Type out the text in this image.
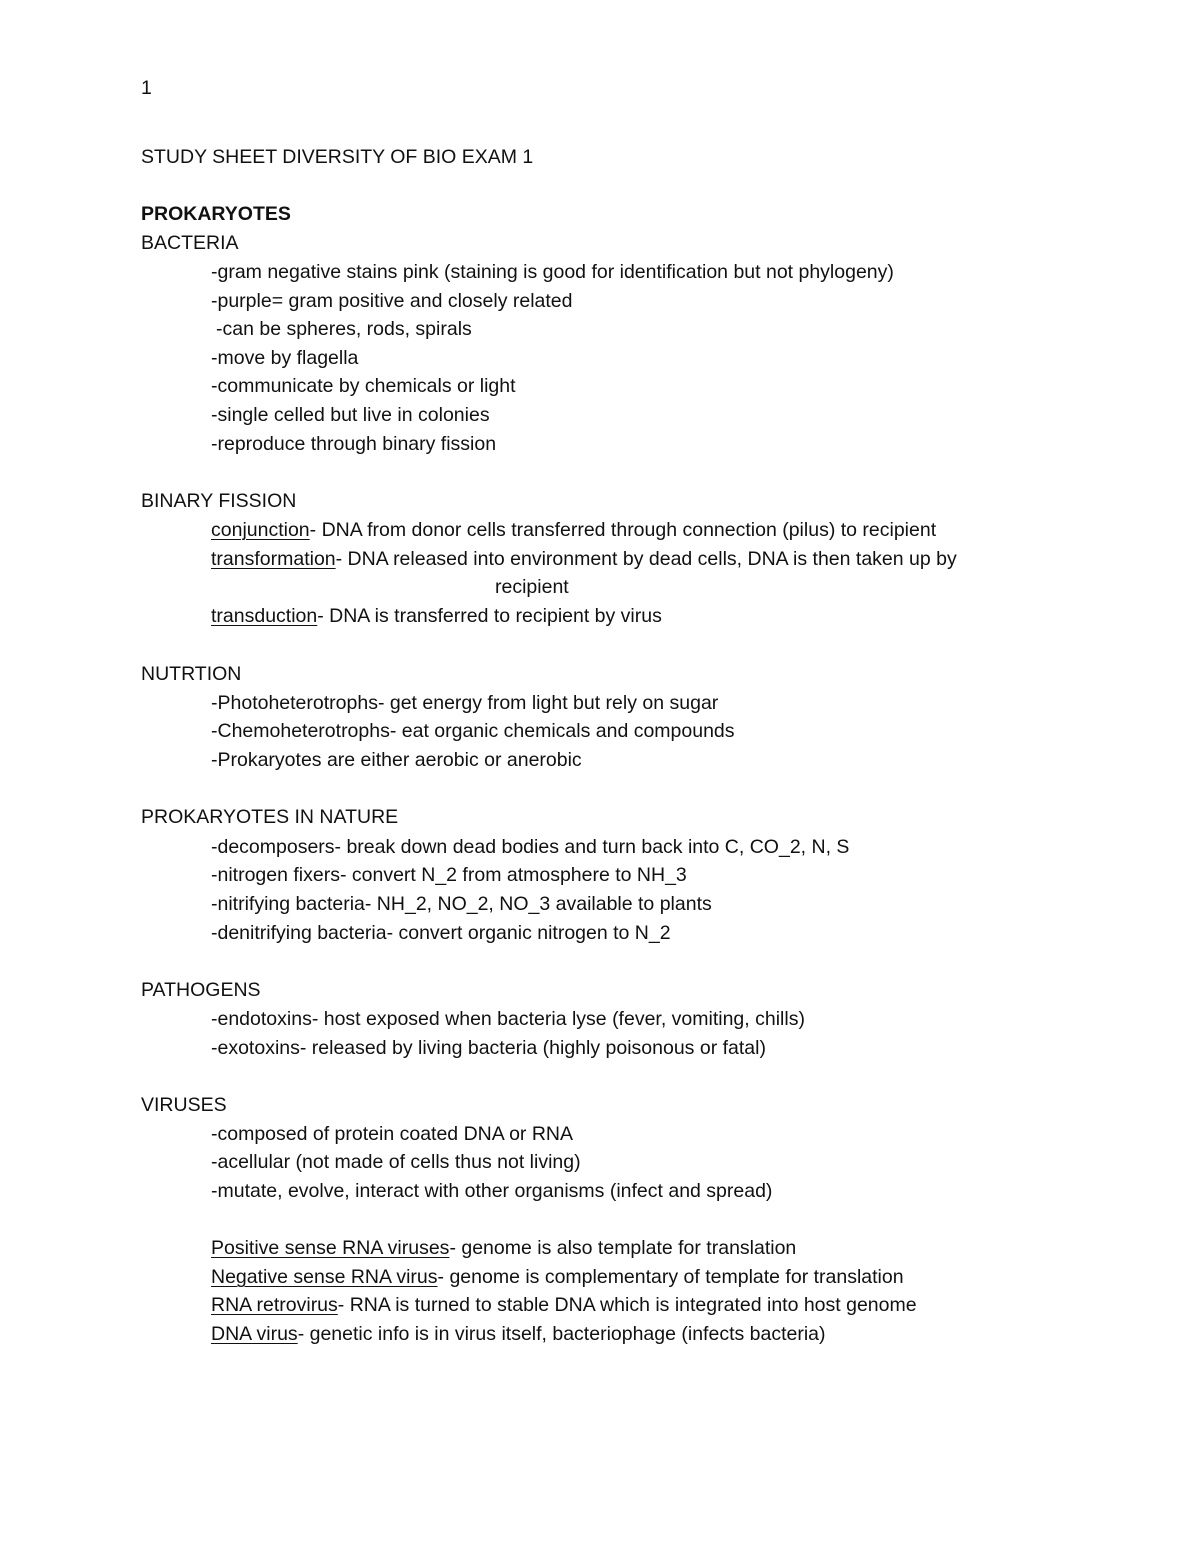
1
STUDY SHEET DIVERSITY OF BIO EXAM 1
PROKARYOTES
BACTERIA
-gram negative stains pink (staining is good for identification but not phylogeny)
-purple= gram positive and closely related
-can be spheres, rods, spirals
-move by flagella
-communicate by chemicals or light
-single celled but live in colonies
-reproduce through binary fission
BINARY FISSION
conjunction- DNA from donor cells transferred through connection (pilus) to recipient
transformation- DNA released into environment by dead cells, DNA is then taken up by
recipient
transduction- DNA is transferred to recipient by virus
NUTRTION
-Photoheterotrophs- get energy from light but rely on sugar
-Chemoheterotrophs- eat organic chemicals and compounds
-Prokaryotes are either aerobic or anerobic
PROKARYOTES IN NATURE
-decomposers- break down dead bodies and turn back into C, CO_2, N, S
-nitrogen fixers- convert N_2 from atmosphere to NH_3
-nitrifying bacteria- NH_2, NO_2, NO_3 available to plants
-denitrifying bacteria- convert organic nitrogen to N_2
PATHOGENS
-endotoxins- host exposed when bacteria lyse (fever, vomiting, chills)
-exotoxins- released by living bacteria (highly poisonous or fatal)
VIRUSES
-composed of protein coated DNA or RNA
-acellular (not made of cells thus not living)
-mutate, evolve, interact with other organisms (infect and spread)
Positive sense RNA viruses- genome is also template for translation
Negative sense RNA virus- genome is complementary of template for translation
RNA retrovirus- RNA is turned to stable DNA which is integrated into host genome
DNA virus- genetic info is in virus itself, bacteriophage (infects bacteria)
